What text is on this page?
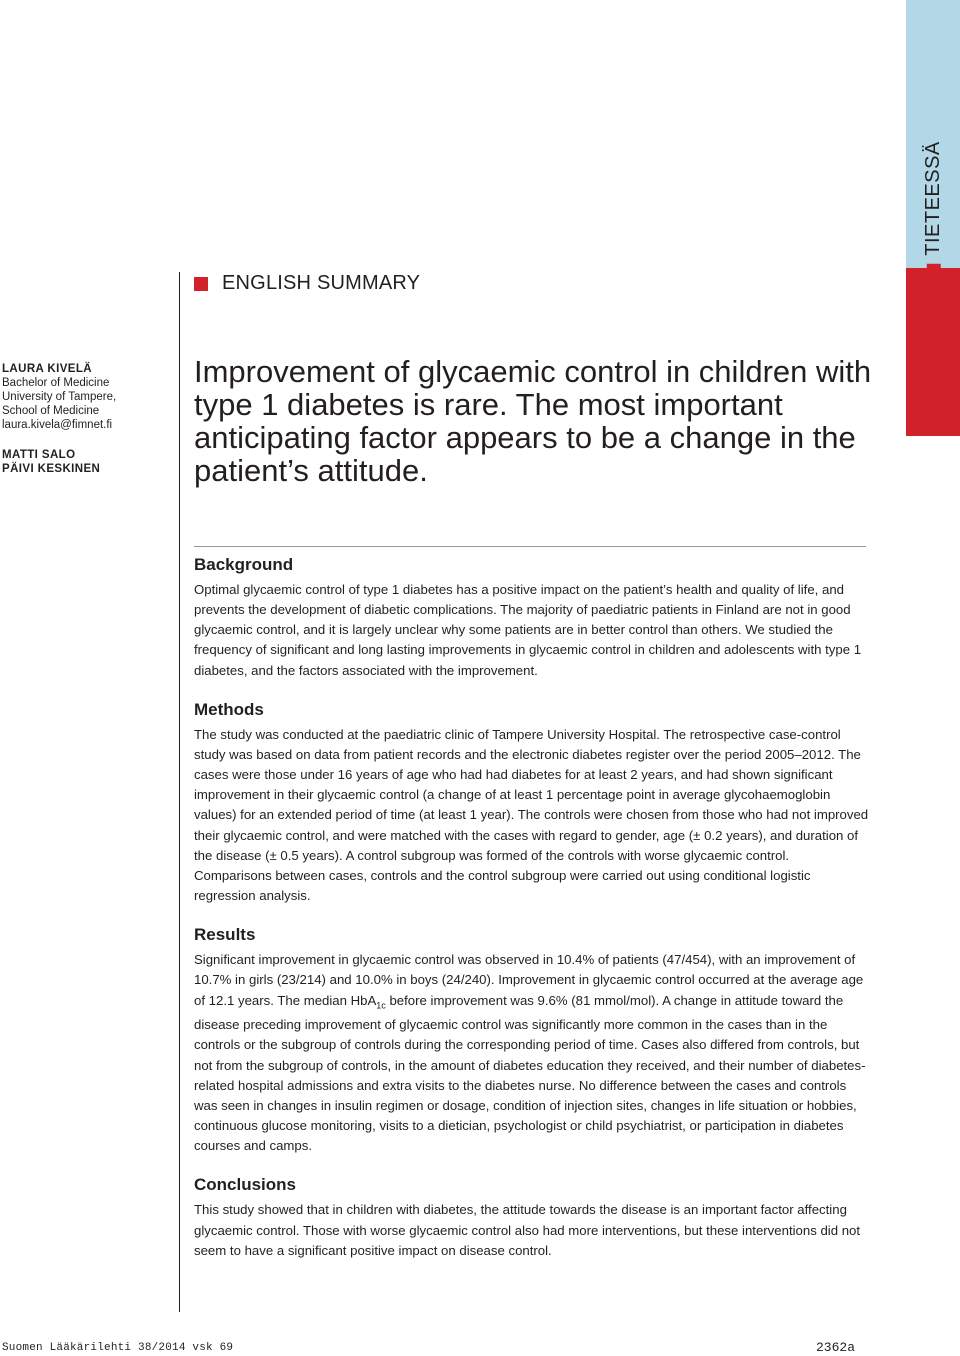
TIETEESSÄ
ENGLISH SUMMARY
LAURA KIVELÄ
Bachelor of Medicine
University of Tampere,
School of Medicine
laura.kivela@fimnet.fi
MATTI SALO
PÄIVI KESKINEN
Improvement of glycaemic control in children with type 1 diabetes is rare. The most important anticipating factor appears to be a change in the patient’s attitude.
Background

Optimal glycaemic control of type 1 diabetes has a positive impact on the patient’s health and quality of life, and prevents the development of diabetic complications. The majority of paediatric patients in Finland are not in good glycaemic control, and it is largely unclear why some patients are in better control than others. We studied the frequency of significant and long lasting improvements in glycaemic control in children and adolescents with type 1 diabetes, and the factors associated with the improvement.

Methods

The study was conducted at the paediatric clinic of Tampere University Hospital. The retrospective case-control study was based on data from patient records and the electronic diabetes register over the period 2005–2012. The cases were those under 16 years of age who had had diabetes for at least 2 years, and had shown significant improvement in their glycaemic control (a change of at least 1 percentage point in average glycohaemoglobin values) for an extended period of time (at least 1 year). The controls were chosen from those who had not improved their glycaemic control, and were matched with the cases with regard to gender, age (± 0.2 years), and duration of the disease (± 0.5 years). A control subgroup was formed of the controls with worse glycaemic control. Comparisons between cases, controls and the control subgroup were carried out using conditional logistic regression analysis.

Results

Significant improvement in glycaemic control was observed in 10.4% of patients (47/454), with an improvement of 10.7% in girls (23/214) and 10.0% in boys (24/240). Improvement in glycaemic control occurred at the average age of 12.1 years. The median HbA$_{1c}$ before improvement was 9.6% (81 mmol/mol). A change in attitude toward the disease preceding improvement of glycaemic control was significantly more common in the cases than in the controls or the subgroup of controls during the corresponding period of time. Cases also differed from controls, but not from the subgroup of controls, in the amount of diabetes education they received, and their number of diabetes-related hospital admissions and extra visits to the diabetes nurse. No difference between the cases and controls was seen in changes in insulin regimen or dosage, condition of injection sites, changes in life situation or hobbies, continuous glucose monitoring, visits to a dietician, psychologist or child psychiatrist, or participation in diabetes courses and camps.

Conclusions

This study showed that in children with diabetes, the attitude towards the disease is an important factor affecting glycaemic control. Those with worse glycaemic control also had more interventions, but these interventions did not seem to have a significant positive impact on disease control.

Suomen Lääkärilehti 38/2014 vsk 69	2362a
